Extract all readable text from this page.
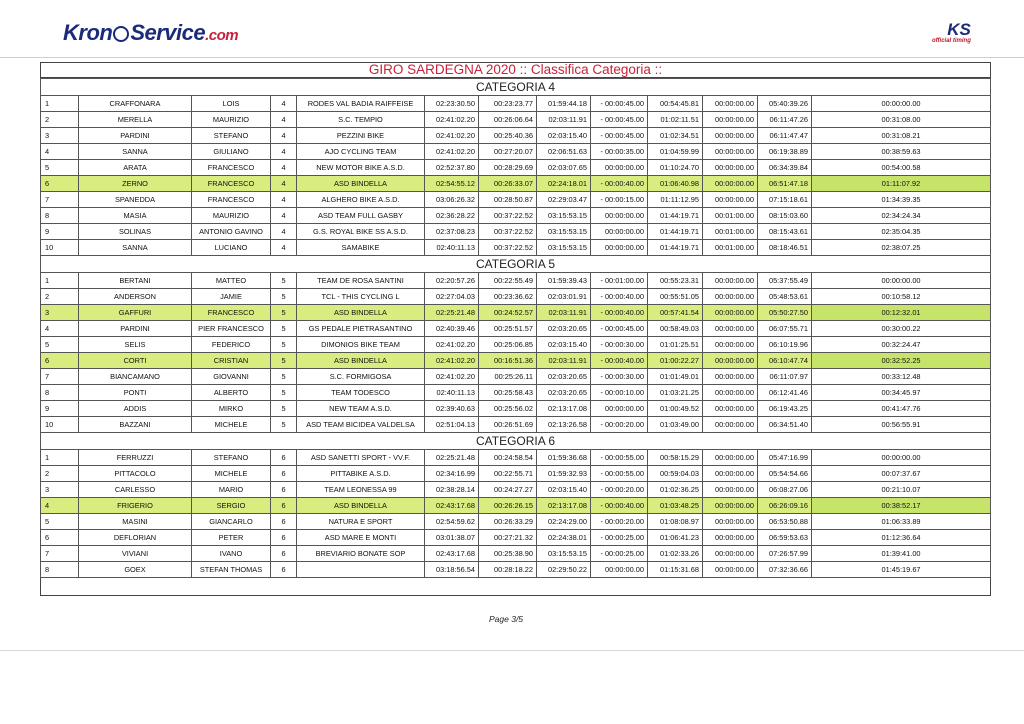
Kron Service.com	KS
official timing
GIRO SARDEGNA 2020 :: Classifica Categoria ::
CATEGORIA 4												
1	CRAFFONARA	LOIS	4	RODES VAL BADIA RAIFFEISE	02:23:30.50	00:23:23.77	01:59:44.18	- 00:00:45.00	00:54:45.81	00:00:00.00	05:40:39.26	00:00:00.00
2	MERELLA	MAURIZIO	4	S.C. TEMPIO	02:41:02.20	00:26:06.64	02:03:11.91	- 00:00:45.00	01:02:11.51	00:00:00.00	06:11:47.26	00:31:08.00
3	PARDINI	STEFANO	4	PEZZINI BIKE	02:41:02.20	00:25:40.36	02:03:15.40	- 00:00:45.00	01:02:34.51	00:00:00.00	06:11:47.47	00:31:08.21
4	SANNA	GIULIANO	4	AJO CYCLING TEAM	02:41:02.20	00:27:20.07	02:06:51.63	- 00:00:35.00	01:04:59.99	00:00:00.00	06:19:38.89	00:38:59.63
5	ARATA	FRANCESCO	4	NEW MOTOR BIKE A.S.D.	02:52:37.80	00:28:29.69	02:03:07.65	00:00:00.00	01:10:24.70	00:00:00.00	06:34:39.84	00:54:00.58
6	ZERNO	FRANCESCO	4	ASD BINDELLA	02:54:55.12	00:26:33.07	02:24:18.01	- 00:00:40.00	01:06:40.98	00:00:00.00	06:51:47.18	01:11:07.92
7	SPANEDDA	FRANCESCO	4	ALGHERO BIKE A.S.D.	03:06:26.32	00:28:50.87	02:29:03.47	- 00:00:15.00	01:11:12.95	00:00:00.00	07:15:18.61	01:34:39.35
8	MASIA	MAURIZIO	4	ASD TEAM FULL GASBY	02:36:28.22	00:37:22.52	03:15:53.15	00:00:00.00	01:44:19.71	00:01:00.00	08:15:03.60	02:34:24.34
9	SOLINAS	ANTONIO GAVINO	4	G.S. ROYAL BIKE SS A.S.D.	02:37:08.23	00:37:22.52	03:15:53.15	00:00:00.00	01:44:19.71	00:01:00.00	08:15:43.61	02:35:04.35
10	SANNA	LUCIANO	4	SAMABIKE	02:40:11.13	00:37:22.52	03:15:53.15	00:00:00.00	01:44:19.71	00:01:00.00	08:18:46.51	02:38:07.25
CATEGORIA 5												
1	BERTANI	MATTEO	5	TEAM DE ROSA SANTINI	02:20:57.26	00:22:55.49	01:59:39.43	- 00:01:00.00	00:55:23.31	00:00:00.00	05:37:55.49	00:00:00.00
2	ANDERSON	JAMIE	5	TCL - THIS CYCLING L	02:27:04.03	00:23:36.62	02:03:01.91	- 00:00:40.00	00:55:51.05	00:00:00.00	05:48:53.61	00:10:58.12
3	GAFFURI	FRANCESCO	5	ASD BINDELLA	02:25:21.48	00:24:52.57	02:03:11.91	- 00:00:40.00	00:57:41.54	00:00:00.00	05:50:27.50	00:12:32.01
4	PARDINI	PIER FRANCESCO	5	GS PEDALE PIETRASANTINO	02:40:39.46	00:25:51.57	02:03:20.65	- 00:00:45.00	00:58:49.03	00:00:00.00	06:07:55.71	00:30:00.22
5	SELIS	FEDERICO	5	DIMONIOS BIKE TEAM	02:41:02.20	00:25:06.85	02:03:15.40	- 00:00:30.00	01:01:25.51	00:00:00.00	06:10:19.96	00:32:24.47
6	CORTI	CRISTIAN	5	ASD BINDELLA	02:41:02.20	00:16:51.36	02:03:11.91	- 00:00:40.00	01:00:22.27	00:00:00.00	06:10:47.74	00:32:52.25
7	BIANCAMANO	GIOVANNI	5	S.C. FORMIGOSA	02:41:02.20	00:25:26.11	02:03:20.65	- 00:00:30.00	01:01:49.01	00:00:00.00	06:11:07.97	00:33:12.48
8	PONTI	ALBERTO	5	TEAM TODESCO	02:40:11.13	00:25:58.43	02:03:20.65	- 00:00:10.00	01:03:21.25	00:00:00.00	06:12:41.46	00:34:45.97
9	ADDIS	MIRKO	5	NEW TEAM A.S.D.	02:39:40.63	00:25:56.02	02:13:17.08	00:00:00.00	01:00:49.52	00:00:00.00	06:19:43.25	00:41:47.76
10	BAZZANI	MICHELE	5	ASD TEAM BICIDEA VALDELSA	02:51:04.13	00:26:51.69	02:13:26.58	- 00:00:20.00	01:03:49.00	00:00:00.00	06:34:51.40	00:56:55.91
CATEGORIA 6												
1	FERRUZZI	STEFANO	6	ASD SANETTI SPORT - VV.F.	02:25:21.48	00:24:58.54	01:59:36.68	- 00:00:55.00	00:58:15.29	00:00:00.00	05:47:16.99	00:00:00.00
2	PITTACOLO	MICHELE	6	PITTABIKE A.S.D.	02:34:16.99	00:22:55.71	01:59:32.93	- 00:00:55.00	00:59:04.03	00:00:00.00	05:54:54.66	00:07:37.67
3	CARLESSO	MARIO	6	TEAM LEONESSA 99	02:38:28.14	00:24:27.27	02:03:15.40	- 00:00:20.00	01:02:36.25	00:00:00.00	06:08:27.06	00:21:10.07
4	FRIGERIO	SERGIO	6	ASD BINDELLA	02:43:17.68	00:26:26.15	02:13:17.08	- 00:00:40.00	01:03:48.25	00:00:00.00	06:26:09.16	00:38:52.17
5	MASINI	GIANCARLO	6	NATURA E SPORT	02:54:59.62	00:26:33.29	02:24:29.00	- 00:00:20.00	01:08:08.97	00:00:00.00	06:53:50.88	01:06:33.89
6	DEFLORIAN	PETER	6	ASD MARE E MONTI	03:01:38.07	00:27:21.32	02:24:38.01	- 00:00:25.00	01:06:41.23	00:00:00.00	06:59:53.63	01:12:36.64
7	VIVIANI	IVANO	6	BREVIARIO BONATE SOP	02:43:17.68	00:25:38.90	03:15:53.15	- 00:00:25.00	01:02:33.26	00:00:00.00	07:26:57.99	01:39:41.00
8	GOEX	STEFAN THOMAS	6		03:18:56.54	00:28:18.22	02:29:50.22	00:00:00.00	01:15:31.68	00:00:00.00	07:32:36.66	01:45:19.67
Page 3/5
